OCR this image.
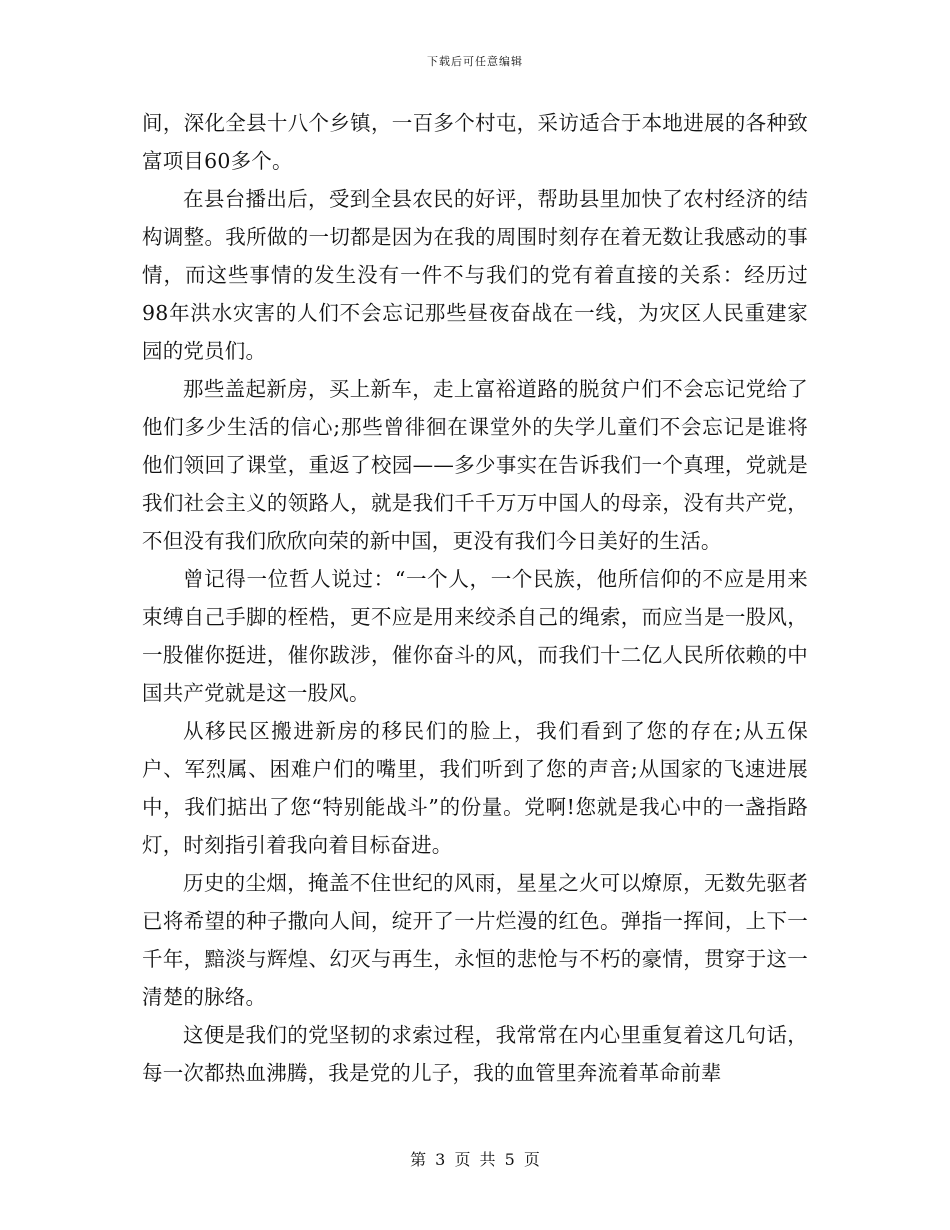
下载后可任意编辑

间，深化全县十八个乡镇，一百多个村屯，采访适合于本地进展的各种致富项目60多个。

在县台播出后，受到全县农民的好评，帮助县里加快了农村经济的结构调整。我所做的一切都是因为在我的周围时刻存在着无数让我感动的事情，而这些事情的发生没有一件不与我们的党有着直接的关系：经历过98年洪水灾害的人们不会忘记那些昼夜奋战在一线，为灾区人民重建家园的党员们。

那些盖起新房，买上新车，走上富裕道路的脱贫户们不会忘记党给了他们多少生活的信心;那些曾徘徊在课堂外的失学儿童们不会忘记是谁将他们领回了课堂，重返了校园——多少事实在告诉我们一个真理，党就是我们社会主义的领路人，就是我们千千万万中国人的母亲，没有共产党，不但没有我们欣欣向荣的新中国，更没有我们今日美好的生活。

曾记得一位哲人说过：“一个人，一个民族，他所信仰的不应是用来束缚自己手脚的桎梏，更不应是用来绞杀自己的绳索，而应当是一股风，一股催你挺进，催你跋涉，催你奋斗的风，而我们十二亿人民所依赖的中国共产党就是这一股风。

从移民区搬进新房的移民们的脸上，我们看到了您的存在;从五保户、军烈属、困难户们的嘴里，我们听到了您的声音;从国家的飞速进展中，我们掂出了您“特别能战斗”的份量。党啊!您就是我心中的一盏指路灯，时刻指引着我向着目标奋进。

历史的尘烟，掩盖不住世纪的风雨，星星之火可以燎原，无数先驱者已将希望的种子撒向人间，绽开了一片烂漫的红色。弹指一挥间，上下一千年，黯淡与辉煌、幻灭与再生，永恒的悲怆与不朽的豪情，贯穿于这一清楚的脉络。

这便是我们的党坚韧的求索过程，我常常在内心里重复着这几句话，每一次都热血沸腾，我是党的儿子，我的血管里奔流着革命前辈

第 3 页 共 5 页
